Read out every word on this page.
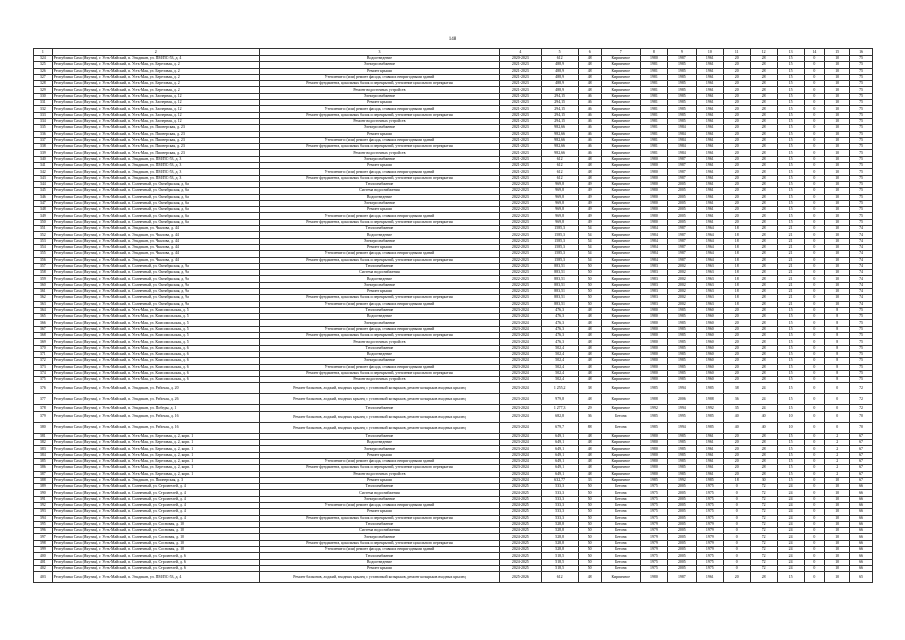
148
1	2	3	4	5	6	7	8	9	10	11	12	13	14	15	16
324	Республика Саха (Якутия), г. Усть-Майский, п. Эльдикан, ул. ПМ/ПС-53, д. 4	Водоотведение	2020-2023	612	48	Кирпичное	1980	1987	1961	20	28	15	0	10	75
325	Республика Саха (Якутия), г. Усть-Майский, п. Усть-Мая, ул. Березовая, д. 2	Электроснабжение	2021-2023	488,9	48	Кирпичное	1981	1985	1961	20	28	15	0	10	75
326	Республика Саха (Якутия), г. Усть-Майский, п. Усть-Мая, ул. Березовая, д. 2	Ремонт крыши	2021-2023	488,9	48	Кирпичное	1981	1985	1961	20	28	15	0	10	75
327	Республика Саха (Якутия), г. Усть-Майский, п. Усть-Мая, ул. Березовая, д. 2	Утепление и (или) ремонт фасада, ставших непригодными зданий	2021-2023	488,9	48	Кирпичное	1981	1985	1961	20	28	15	0	10	75
328	Республика Саха (Якутия), г. Усть-Майский, п. Усть-Мая, ул. Березовая, д. 2	Ремонт фундамента, цокольных балок и перекрытий, утепление цокольного перекрытия	2021-2023	488,9	48	Кирпичное	1981	1985	1961	20	28	15	0	10	75
329	Республика Саха (Якутия), г. Усть-Майский, п. Усть-Мая, ул. Березовая, д. 2	Ремонт водосточных устройств	2021-2023	488,9	48	Кирпичное	1981	1985	1961	20	28	15	0	10	75
330	Республика Саха (Якутия), г. Усть-Майский, п. Усть-Мая, ул. Заозерная, д. 12	Электроснабжение	2021-2023	294,15	46	Кирпичное	1981	1985	1961	20	28	15	0	10	75
331	Республика Саха (Якутия), г. Усть-Майский, п. Усть-Мая, ул. Заозерная, д. 12	Ремонт крыши	2021-2023	294,15	46	Кирпичное	1981	1985	1961	20	28	15	0	10	75
332	Республика Саха (Якутия), г. Усть-Майский, п. Усть-Мая, ул. Заозерная, д. 12	Утепление и (или) ремонт фасада, ставших непригодными зданий	2021-2023	294,15	46	Кирпичное	1981	1985	1961	20	28	15	0	10	75
333	Республика Саха (Якутия), г. Усть-Майский, п. Усть-Мая, ул. Заозерная, д. 12	Ремонт фундамента, цокольных балок и перекрытий, утепление цокольного перекрытия	2021-2023	294,15	46	Кирпичное	1981	1985	1961	20	28	15	0	10	75
334	Республика Саха (Якутия), г. Усть-Майский, п. Усть-Мая, ул. Заозерная, д. 12	Ремонт водосточных устройств	2021-2023	294,15	46	Кирпичное	1981	1985	1961	20	28	15	0	10	75
335	Республика Саха (Якутия), г. Усть-Майский, п. Усть-Мая, ул. Пионерская, д. 23	Электроснабжение	2021-2023	982,66	46	Кирпичное	1981	1984	1961	20	28	15	0	10	75
336	Республика Саха (Якутия), г. Усть-Майский, п. Усть-Мая, ул. Пионерская, д. 23	Ремонт крыши	2021-2023	982,66	46	Кирпичное	1981	1984	1961	20	28	15	0	10	75
337	Республика Саха (Якутия), г. Усть-Майский, п. Усть-Мая, ул. Пионерская, д. 23	Утепление и (или) ремонт фасада, ставших непригодными зданий	2021-2023	982,66	46	Кирпичное	1981	1984	1961	20	28	15	0	10	75
338	Республика Саха (Якутия), г. Усть-Майский, п. Усть-Мая, ул. Пионерская, д. 23	Ремонт фундамента, цокольных балок и перекрытий, утепление цокольного перекрытия	2021-2023	982,66	46	Кирпичное	1981	1984	1961	20	28	15	0	10	75
339	Республика Саха (Якутия), г. Усть-Майский, п. Усть-Мая, ул. Пионерская, д. 23	Ремонт водосточных устройств	2021-2023	982,66	46	Кирпичное	1981	1984	1961	20	28	15	0	10	75
340	Республика Саха (Якутия), г. Усть-Майский, п. Эльдикан, ул. ПМ/ПС-53, д. 3	Электроснабжение	2021-2023	612	48	Кирпичное	1980	1987	1961	20	28	15	0	10	75
341	Республика Саха (Якутия), г. Усть-Майский, п. Эльдикан, ул. ПМ/ПС-53, д. 3	Ремонт крыши	2021-2023	612	48	Кирпичное	1980	1987	1961	20	28	15	0	10	75
342	Республика Саха (Якутия), г. Усть-Майский, п. Эльдикан, ул. ПМ/ПС-53, д. 3	Утепление и (или) ремонт фасада, ставших непригодными зданий	2021-2023	612	48	Кирпичное	1980	1987	1961	20	28	15	0	10	75
343	Республика Саха (Якутия), г. Усть-Майский, п. Эльдикан, ул. ПМ/ПС-53, д. 3	Ремонт фундамента, цокольных балок и перекрытий, утепление цокольного перекрытия	2021-2023	612	48	Кирпичное	1980	1987	1961	20	28	15	0	10	75
344	Республика Саха (Якутия), г. Усть-Майский, п. Солнечный, ул. Октябрьская, д. 6а	Теплоснабжение	2022-2023	969,8	49	Кирпичное	1980	2005	1961	20	28	15	0	10	75
345	Республика Саха (Якутия), г. Усть-Майский, п. Солнечный, ул. Октябрьская, д. 6а	Система водоснабжения	2022-2023	969,8	49	Кирпичное	1980	2005	1961	20	28	15	0	10	75
346	Республика Саха (Якутия), г. Усть-Майский, п. Солнечный, ул. Октябрьская, д. 6а	Водоотведение	2022-2023	969,8	49	Кирпичное	1980	2005	1961	20	28	15	0	10	75
347	Республика Саха (Якутия), г. Усть-Майский, п. Солнечный, ул. Октябрьская, д. 6а	Электроснабжение	2022-2023	969,8	49	Кирпичное	1980	2005	1961	20	28	15	0	10	75
348	Республика Саха (Якутия), г. Усть-Майский, п. Солнечный, ул. Октябрьская, д. 6а	Ремонт крыши	2022-2023	969,8	49	Кирпичное	1980	2005	1961	20	28	15	0	10	75
349	Республика Саха (Якутия), г. Усть-Майский, п. Солнечный, ул. Октябрьская, д. 6а	Утепление и (или) ремонт фасада, ставших непригодными зданий	2022-2023	969,8	49	Кирпичное	1980	2005	1961	20	28	15	0	10	75
350	Республика Саха (Якутия), г. Усть-Майский, п. Солнечный, ул. Октябрьская, д. 6а	Ремонт фундамента, цокольных балок и перекрытий, утепление цокольного перекрытия	2022-2023	969,8	49	Кирпичное	1980	2005	1961	20	28	15	0	10	75
351	Республика Саха (Якутия), г. Усть-Майский, п. Эльдикан, ул. Чкалова, д. 44	Теплоснабжение	2022-2023	1585,3	54	Кирпичное	1984	1987	1964	18	28	21	0	10	74
352	Республика Саха (Якутия), г. Усть-Майский, п. Эльдикан, ул. Чкалова, д. 44	Водоотведение	2022-2023	1585,3	54	Кирпичное	1984	1987	1964	18	28	21	0	10	74
353	Республика Саха (Якутия), г. Усть-Майский, п. Эльдикан, ул. Чкалова, д. 44	Электроснабжение	2022-2023	1585,3	54	Кирпичное	1984	1987	1964	18	28	21	0	10	74
354	Республика Саха (Якутия), г. Усть-Майский, п. Эльдикан, ул. Чкалова, д. 44	Ремонт крыши	2022-2023	1585,3	54	Кирпичное	1984	1987	1964	18	28	21	0	10	74
355	Республика Саха (Якутия), г. Усть-Майский, п. Эльдикан, ул. Чкалова, д. 44	Утепление и (или) ремонт фасада, ставших непригодными зданий	2022-2023	1585,3	54	Кирпичное	1984	1987	1964	18	28	21	0	10	74
356	Республика Саха (Якутия), г. Усть-Майский, п. Эльдикан, ул. Чкалова, д. 44	Ремонт фундамента, цокольных балок и перекрытий, утепление цокольного перекрытия	2022-2023	1585,3	54	Кирпичное	1984	1987	1964	18	28	21	0	10	74
357	Республика Саха (Якутия), г. Усть-Майский, п. Солнечный, ул. Октябрьская, д. 9а	Теплоснабжение	2022-2023	883,51	50	Кирпичное	1983	2002	1963	18	28	21	0	10	74
358	Республика Саха (Якутия), г. Усть-Майский, п. Солнечный, ул. Октябрьская, д. 9а	Система водоснабжения	2022-2023	883,51	50	Кирпичное	1983	2002	1963	18	28	21	0	10	74
359	Республика Саха (Якутия), г. Усть-Майский, п. Солнечный, ул. Октябрьская, д. 9а	Водоотведение	2022-2023	883,51	50	Кирпичное	1983	2002	1963	18	28	21	0	10	74
360	Республика Саха (Якутия), г. Усть-Майский, п. Солнечный, ул. Октябрьская, д. 9а	Электроснабжение	2022-2023	883,51	50	Кирпичное	1983	2002	1963	18	28	21	0	10	74
361	Республика Саха (Якутия), г. Усть-Майский, п. Солнечный, ул. Октябрьская, д. 9а	Ремонт крыши	2022-2023	883,51	50	Кирпичное	1983	2002	1963	18	28	21	0	10	74
362	Республика Саха (Якутия), г. Усть-Майский, п. Солнечный, ул. Октябрьская, д. 9а	Ремонт фундамента, цокольных балок и перекрытий, утепление цокольного перекрытия	2022-2023	883,51	50	Кирпичное	1983	2002	1963	18	28	21	0	10	74
363	Республика Саха (Якутия), г. Усть-Майский, п. Солнечный, ул. Октябрьская, д. 9а	Утепление и (или) ремонт фасада, ставших непригодными зданий	2022-2023	883,51	50	Кирпичное	1983	2002	1963	18	28	21	0	10	74
364	Республика Саха (Якутия), г. Усть-Майский, п. Усть-Мая, ул. Комсомольская, д. 5	Теплоснабжение	2023-2024	476,3	48	Кирпичное	1980	1985	1960	20	28	15	0	8	75
365	Республика Саха (Якутия), г. Усть-Майский, п. Усть-Мая, ул. Комсомольская, д. 5	Водоотведение	2023-2024	476,3	48	Кирпичное	1980	1985	1960	20	28	15	0	8	75
366	Республика Саха (Якутия), г. Усть-Майский, п. Усть-Мая, ул. Комсомольская, д. 5	Электроснабжение	2023-2024	476,3	48	Кирпичное	1980	1985	1960	20	28	15	0	8	75
367	Республика Саха (Якутия), г. Усть-Майский, п. Усть-Мая, ул. Комсомольская, д. 5	Утепление и (или) ремонт фасада, ставших непригодными зданий	2023-2024	476,3	48	Кирпичное	1980	1985	1960	20	28	15	0	8	75
368	Республика Саха (Якутия), г. Усть-Майский, п. Усть-Мая, ул. Комсомольская, д. 5	Ремонт фундамента, цокольных балок и перекрытий, утепление цокольного перекрытия	2023-2024	476,3	48	Кирпичное	1980	1985	1960	20	28	15	0	8	75
369	Республика Саха (Якутия), г. Усть-Майский, п. Усть-Мая, ул. Комсомольская, д. 5	Ремонт водосточных устройств	2023-2024	476,3	48	Кирпичное	1980	1985	1960	20	28	15	0	8	75
370	Республика Саха (Якутия), г. Усть-Майский, п. Усть-Мая, ул. Комсомольская, д. 6	Теплоснабжение	2023-2024	502,4	48	Кирпичное	1980	1985	1960	20	28	15	0	8	75
371	Республика Саха (Якутия), г. Усть-Майский, п. Усть-Мая, ул. Комсомольская, д. 6	Водоотведение	2023-2024	502,4	48	Кирпичное	1980	1985	1960	20	28	15	0	8	75
372	Республика Саха (Якутия), г. Усть-Майский, п. Усть-Мая, ул. Комсомольская, д. 6	Электроснабжение	2023-2024	502,4	48	Кирпичное	1980	1985	1960	20	28	15	0	8	75
373	Республика Саха (Якутия), г. Усть-Майский, п. Усть-Мая, ул. Комсомольская, д. 6	Утепление и (или) ремонт фасада, ставших непригодными зданий	2023-2024	502,4	48	Кирпичное	1980	1985	1960	20	28	15	0	8	75
374	Республика Саха (Якутия), г. Усть-Майский, п. Усть-Мая, ул. Комсомольская, д. 6	Ремонт фундамента, цокольных балок и перекрытий, утепление цокольного перекрытия	2023-2024	502,4	48	Кирпичное	1980	1985	1960	20	28	15	0	8	75
375	Республика Саха (Якутия), г. Усть-Майский, п. Усть-Мая, ул. Комсомольская, д. 6	Ремонт водосточных устройств	2023-2024	502,4	48	Кирпичное	1980	1985	1960	20	28	15	0	8	75
376	Республика Саха (Якутия), г. Усть-Майский, п. Эльдикан, ул. Рабочая, д. 20	Ремонт балконов, лоджий, входных крылец с установкой козырьков, ремонт козырьков входных крылец	2023-2024	1 255,2	38	Кирпичное	1985	1994	1985	38	24	15	0	0	72
377	Республика Саха (Якутия), г. Усть-Майский, п. Эльдикан, ул. Рабочая, д. 26	Ремонт балконов, лоджий, входных крылец с установкой козырьков, ремонт козырьков входных крылец	2023-2024	979,8	48	Кирпичное	1988	2006	1988	36	24	15	0	0	72
378	Республика Саха (Якутия), г. Усть-Майский, п. Эльдикан, ул. Победы, д. 1	Теплоснабжение	2023-2024	1 277,3	29	Кирпичное	1992	1994	1992	35	24	15	0	0	72
379	Республика Саха (Якутия), г. Усть-Майский, п. Эльдикан, ул. Рабочая, д. 16	Ремонт балконов, лоджий, входных крылец с установкой козырьков, ремонт козырьков входных крылец	2023-2024	682,8	36	Бетона	1985	1995	1985	40	40	10	0	0	70
380	Республика Саха (Якутия), г. Усть-Майский, п. Эльдикан, ул. Рабочая, д. 16	Ремонт балконов, лоджий, входных крылец с установкой козырьков, ремонт козырьков входных крылец	2023-2024	679,7	88	Бетона	1985	1994	1985	40	40	10	0	0	70
381	Республика Саха (Якутия), г. Усть-Майский, п. Усть-Мая, ул. Березовая, д. 2, корп. 1	Теплоснабжение	2023-2024	649,1	48	Кирпичное	1980	1985	1961	20	28	15	0	2	67
382	Республика Саха (Якутия), г. Усть-Майский, п. Усть-Мая, ул. Березовая, д. 2, корп. 1	Водоотведение	2023-2024	649,1	48	Кирпичное	1980	1985	1961	20	28	15	0	2	67
383	Республика Саха (Якутия), г. Усть-Майский, п. Усть-Мая, ул. Березовая, д. 2, корп. 1	Электроснабжение	2023-2024	649,1	48	Кирпичное	1980	1985	1961	20	28	15	0	2	67
384	Республика Саха (Якутия), г. Усть-Майский, п. Усть-Мая, ул. Березовая, д. 2, корп. 1	Ремонт крыши	2023-2024	649,1	48	Кирпичное	1980	1985	1961	20	28	15	0	2	67
385	Республика Саха (Якутия), г. Усть-Майский, п. Усть-Мая, ул. Березовая, д. 2, корп. 1	Утепление и (или) ремонт фасада, ставших непригодными зданий	2023-2024	649,1	48	Кирпичное	1980	1985	1961	20	28	15	0	2	67
386	Республика Саха (Якутия), г. Усть-Майский, п. Усть-Мая, ул. Березовая, д. 2, корп. 1	Ремонт фундамента, цокольных балок и перекрытий, утепление цокольного перекрытия	2023-2024	649,1	48	Кирпичное	1980	1985	1961	20	28	15	0	2	67
387	Республика Саха (Якутия), г. Усть-Майский, п. Усть-Мая, ул. Березовая, д. 2, корп. 1	Ремонт водосточных устройств	2023-2024	649,1	48	Кирпичное	1980	1985	1961	20	28	15	0	2	67
388	Республика Саха (Якутия), г. Усть-Майский, п. Эльдикан, ул. Пионерская, д. 3	Ремонт крыши	2023-2024	632,77	33	Кирпичное	1985	1992	1985	18	30	15	0	10	67
389	Республика Саха (Якутия), г. Усть-Майский, п. Солнечный, ул. Строителей, д. 4	Теплоснабжение	2024-2025	533,3	50	Бетона	1975	2005	1975	0	72	24	0	10	66
390	Республика Саха (Якутия), г. Усть-Майский, п. Солнечный, ул. Строителей, д. 4	Система водоснабжения	2024-2025	533,3	50	Бетона	1975	2005	1975	0	72	24	0	10	66
391	Республика Саха (Якутия), г. Усть-Майский, п. Солнечный, ул. Строителей, д. 4	Электроснабжение	2024-2025	533,3	50	Бетона	1975	2005	1975	0	72	24	0	10	66
392	Республика Саха (Якутия), г. Усть-Майский, п. Солнечный, ул. Строителей, д. 4	Утепление и (или) ремонт фасада, ставших непригодными зданий	2024-2025	533,3	50	Бетона	1975	2005	1975	0	72	24	0	10	66
393	Республика Саха (Якутия), г. Усть-Майский, п. Солнечный, ул. Строителей, д. 4	Ремонт крыши	2024-2025	533,3	50	Бетона	1975	2005	1975	0	72	24	0	10	66
394	Республика Саха (Якутия), г. Усть-Майский, п. Солнечный, ул. Строителей, д. 4	Ремонт фундамента, цокольных балок и перекрытий, утепление цокольного перекрытия	2024-2025	533,3	50	Бетона	1975	2005	1975	0	72	24	0	10	66
395	Республика Саха (Якутия), г. Усть-Майский, п. Солнечный, ул. Сосновая, д. 10	Теплоснабжение	2024-2025	528,8	50	Бетона	1979	2005	1979	0	72	24	0	10	66
396	Республика Саха (Якутия), г. Усть-Майский, п. Солнечный, ул. Сосновая, д. 10	Система водоснабжения	2024-2025	528,8	50	Бетона	1979	2005	1979	0	72	24	0	10	66
397	Республика Саха (Якутия), г. Усть-Майский, п. Солнечный, ул. Сосновая, д. 10	Электроснабжение	2024-2025	528,8	50	Бетона	1979	2005	1979	0	72	24	0	10	66
398	Республика Саха (Якутия), г. Усть-Майский, п. Солнечный, ул. Сосновая, д. 10	Ремонт фундамента, цокольных балок и перекрытий, утепление цокольного перекрытия	2024-2025	528,8	50	Бетона	1979	2005	1979	0	72	24	0	10	66
399	Республика Саха (Якутия), г. Усть-Майский, п. Солнечный, ул. Сосновая, д. 10	Утепление и (или) ремонт фасада, ставших непригодными зданий	2024-2025	528,8	50	Бетона	1979	2005	1979	0	72	24	0	10	66
400	Республика Саха (Якутия), г. Усть-Майский, п. Солнечный, ул. Строителей, д. 6	Теплоснабжение	2024-2025	518,5	50	Бетона	1975	2005	1975	0	72	24	0	10	66
401	Республика Саха (Якутия), г. Усть-Майский, п. Солнечный, ул. Строителей, д. 6	Водоотведение	2024-2025	518,5	50	Бетона	1975	2005	1975	0	72	24	0	10	66
402	Республика Саха (Якутия), г. Усть-Майский, п. Солнечный, ул. Строителей, д. 6	Ремонт крыши	2024-2025	518,5	50	Бетона	1975	2005	1975	0	72	24	0	10	66
403	Республика Саха (Якутия), г. Усть-Майский, п. Эльдикан, ул. ПМ/ПС-53, д. 4	Ремонт балконов, лоджий, входных крылец с установкой козырьков, ремонт козырьков входных крылец	2025-2026	612	48	Кирпичное	1980	1987	1961	20	28	15	0	10	65
